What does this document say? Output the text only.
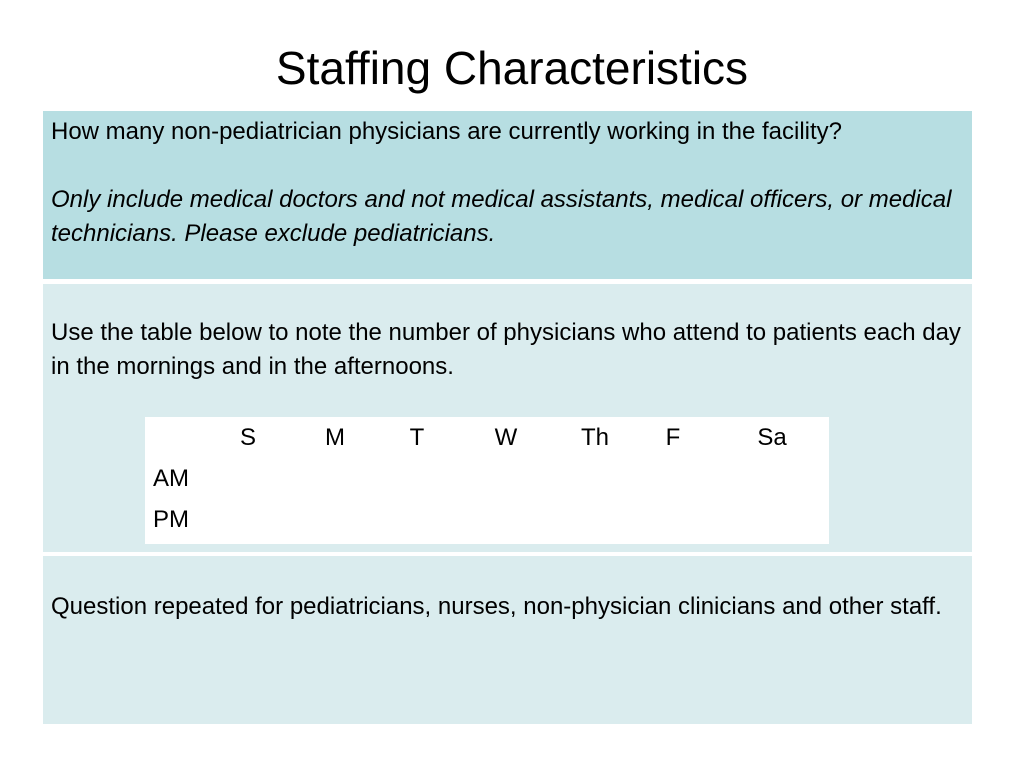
Staffing Characteristics

How many non-pediatrician physicians are currently working in the facility?

Only include medical doctors and not medical assistants, medical officers, or medical technicians. Please exclude pediatricians.

Use the table below to note the number of physicians who attend to patients each day in the mornings and in the afternoons.

	S	M	T	W	Th	F	Sa
AM							
PM							

Question repeated for pediatricians, nurses, non-physician clinicians and other staff.
